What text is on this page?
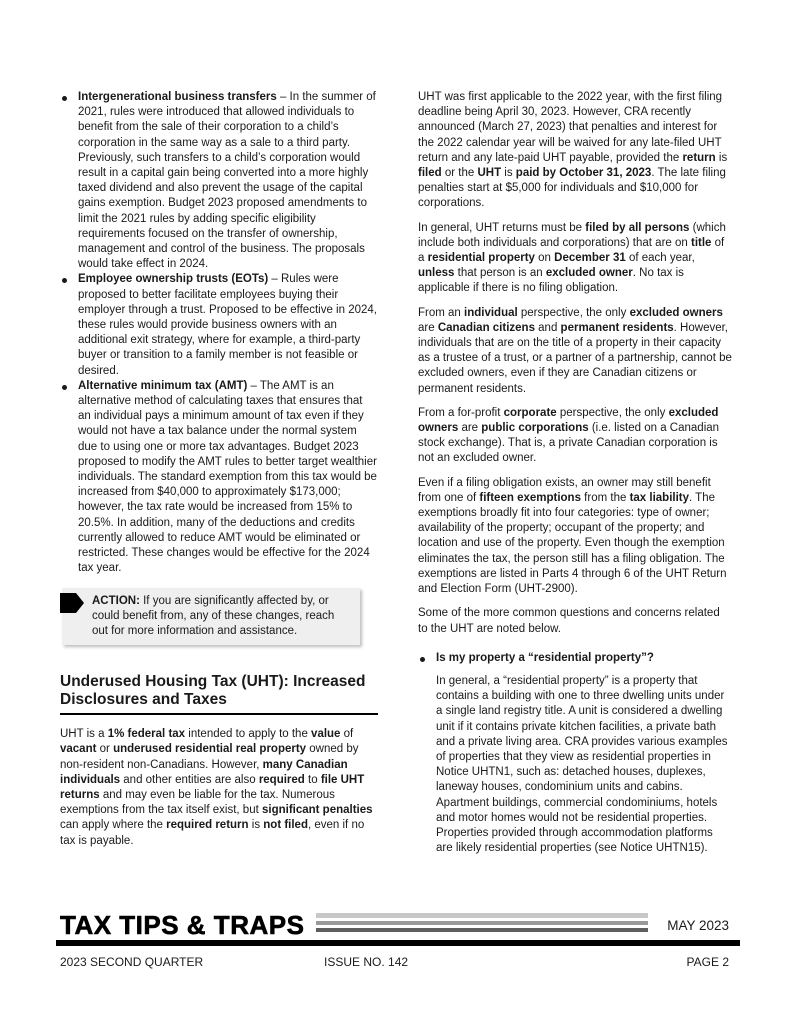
Intergenerational business transfers – In the summer of 2021, rules were introduced that allowed individuals to benefit from the sale of their corporation to a child’s corporation in the same way as a sale to a third party. Previously, such transfers to a child’s corporation would result in a capital gain being converted into a more highly taxed dividend and also prevent the usage of the capital gains exemption. Budget 2023 proposed amendments to limit the 2021 rules by adding specific eligibility requirements focused on the transfer of ownership, management and control of the business. The proposals would take effect in 2024.
Employee ownership trusts (EOTs) – Rules were proposed to better facilitate employees buying their employer through a trust. Proposed to be effective in 2024, these rules would provide business owners with an additional exit strategy, where for example, a third-party buyer or transition to a family member is not feasible or desired.
Alternative minimum tax (AMT) – The AMT is an alternative method of calculating taxes that ensures that an individual pays a minimum amount of tax even if they would not have a tax balance under the normal system due to using one or more tax advantages. Budget 2023 proposed to modify the AMT rules to better target wealthier individuals. The standard exemption from this tax would be increased from $40,000 to approximately $173,000; however, the tax rate would be increased from 15% to 20.5%. In addition, many of the deductions and credits currently allowed to reduce AMT would be eliminated or restricted. These changes would be effective for the 2024 tax year.
ACTION: If you are significantly affected by, or could benefit from, any of these changes, reach out for more information and assistance.
Underused Housing Tax (UHT): Increased Disclosures and Taxes

UHT is a 1% federal tax intended to apply to the value of vacant or underused residential real property owned by non-resident non-Canadians. However, many Canadian individuals and other entities are also required to file UHT returns and may even be liable for the tax. Numerous exemptions from the tax itself exist, but significant penalties can apply where the required return is not filed, even if no tax is payable.

UHT was first applicable to the 2022 year, with the first filing deadline being April 30, 2023. However, CRA recently announced (March 27, 2023) that penalties and interest for the 2022 calendar year will be waived for any late-filed UHT return and any late-paid UHT payable, provided the return is filed or the UHT is paid by October 31, 2023. The late filing penalties start at $5,000 for individuals and $10,000 for corporations.

In general, UHT returns must be filed by all persons (which include both individuals and corporations) that are on title of a residential property on December 31 of each year, unless that person is an excluded owner. No tax is applicable if there is no filing obligation.

From an individual perspective, the only excluded owners are Canadian citizens and permanent residents. However, individuals that are on the title of a property in their capacity as a trustee of a trust, or a partner of a partnership, cannot be excluded owners, even if they are Canadian citizens or permanent residents.

From a for-profit corporate perspective, the only excluded owners are public corporations (i.e. listed on a Canadian stock exchange). That is, a private Canadian corporation is not an excluded owner.

Even if a filing obligation exists, an owner may still benefit from one of fifteen exemptions from the tax liability. The exemptions broadly fit into four categories: type of owner; availability of the property; occupant of the property; and location and use of the property. Even though the exemption eliminates the tax, the person still has a filing obligation. The exemptions are listed in Parts 4 through 6 of the UHT Return and Election Form (UHT-2900).

Some of the more common questions and concerns related to the UHT are noted below.

Is my property a “residential property”?

In general, a “residential property” is a property that contains a building with one to three dwelling units under a single land registry title. A unit is considered a dwelling unit if it contains private kitchen facilities, a private bath and a private living area. CRA provides various examples of properties that they view as residential properties in Notice UHTN1, such as: detached houses, duplexes, laneway houses, condominium units and cabins. Apartment buildings, commercial condominiums, hotels and motor homes would not be residential properties. Properties provided through accommodation platforms are likely residential properties (see Notice UHTN15).

TAX TIPS & TRAPS	MAY 2023
2023 SECOND QUARTER	ISSUE NO. 142	PAGE 2
